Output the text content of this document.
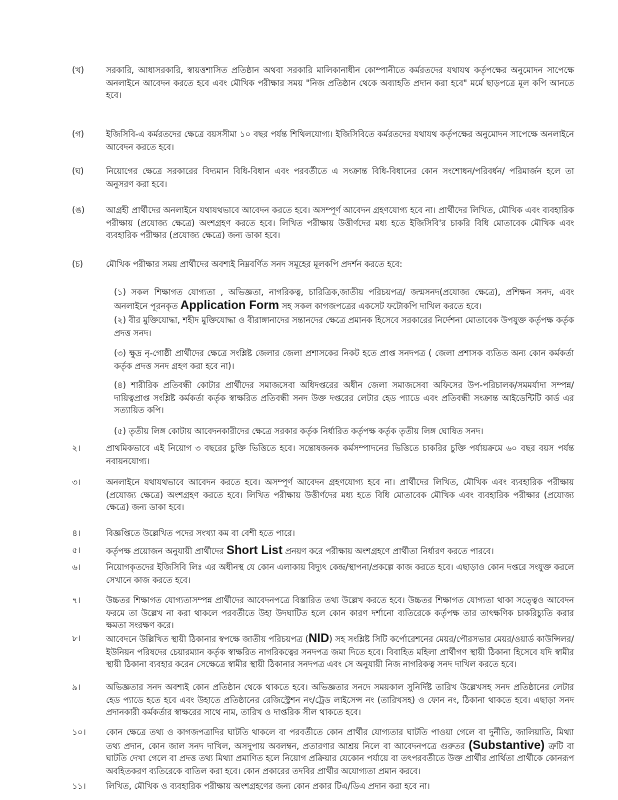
(খ)	সরকারি, আধাসরকারি, স্বায়ত্তশাসিত প্রতিষ্ঠান অথবা সরকারি মালিকানাধীন কোম্পানীতে কর্মরতদের যথাযথ কর্তৃপক্ষের অনুমোদন সাপেক্ষে অনলাইনে আবেদন করতে হবে এবং মৌখিক পরীক্ষার সময় "নিজ প্রতিষ্ঠান থেকে অব্যাহতি প্রদান করা হবে" মর্মে ছাড়পত্রে মূল কপি আনতে হবে।
(গ)	ইজিসিবি-এ কর্মরতদের ক্ষেত্রে বয়সসীমা ১০ বছর পর্যন্ত শিথিলযোগ্য। ইজিসিবিতে কর্মরতদের যথাযথ কর্তৃপক্ষের অনুমোদন সাপেক্ষে অনলাইনে আবেদন করতে হবে।
(ঘ)	নিয়োগের ক্ষেত্রে সরকারের বিদ্যমান বিধি-বিধান এবং পরবর্তীতে এ সংক্রান্ত বিধি-বিধানের কোন সংশোধন/পরিবর্ধন/ পরিমার্জন হলে তা অনুসরণ করা হবে।
(ঙ)	আগ্রহী প্রার্থীদের অনলাইনে যথাযথভাবে আবেদন করতে হবে। অসম্পূর্ণ আবেদন গ্রহণযোগ্য হবে না। প্রার্থীদের লিখিত, মৌখিক এবং ব্যবহারিক পরীক্ষায় (প্রযোজ্য ক্ষেত্রে) অংশগ্রহণ করতে হবে। লিখিত পরীক্ষায় উত্তীর্ণদের মধ্য হতে ইজিসিবি'র চাকরি বিধি মোতাবেক মৌখিক এবং ব্যবহারিক পরীক্ষার (প্রযোজ্য ক্ষেত্রে) জন্য ডাকা হবে।
(চ)	মৌখিক পরীক্ষার সময় প্রার্থীদের অবশ্যই নিম্নবর্ণিত সনদ সমূহের মূলকপি প্রদর্শন করতে হবে:
(১) সকল শিক্ষাগত যোগ্যতা , অভিজ্ঞতা, নাগরিকত্ব, চারিত্রিক,জাতীয় পরিচয়পত্র/ জন্মসনদ(প্রযোজ্য ক্ষেত্রে), প্রশিক্ষন সনদ, এবং অনলাইনে পূরনকৃত Application Form সহ সকল কাগজপত্রের একসেট ফটোকপি দাখিল করতে হবে।
(২) বীর মুক্তিযোদ্ধা, শহীদ মুক্তিযোদ্ধা ও বীরাঙ্গানাদের সন্তানদের ক্ষেত্রে প্রমানক হিসেবে সরকারের নির্দেশনা মোতাবেক উপযুক্ত কর্তৃপক্ষ কর্তৃক প্রদত্ত সনদ।
(৩) ক্ষুদ্র নৃ-গোষ্ঠী প্রার্থীদের ক্ষেত্রে সংশ্লিষ্ট জেলার জেলা প্রশাসকের নিকট হতে প্রাপ্ত সনদপত্র ( জেলা প্রশাসক ব্যতিত অন্য কোন কর্মকর্তা কর্তৃক প্রদত্ত সনদ গ্রহণ করা হবে না)।
(৪) শারীরিক প্রতিবন্ধী কোটার প্রার্থীদের সমাজসেবা অধিদপ্তরের অধীন জেলা সমাজসেবা অফিসের উপ-পরিচালক/সমমর্যাদা সম্পন্ন/দায়িত্বপ্রাপ্ত সংশ্লিষ্ট কর্মকর্তা কর্তৃক স্বাক্ষরিত প্রতিবন্ধী সনদ উক্ত দপ্তরের লেটার হেড প্যাডে এবং প্রতিবন্ধী সংক্রান্ত আইডেন্টিটি কার্ড এর সত্যায়িত কপি।
(৫) তৃতীয় লিঙ্গ কোটায় আবেদনকারীদের ক্ষেত্রে সরকার কর্তৃক নির্ধারিত কর্তৃপক্ষ কর্তৃক তৃতীয় লিঙ্গ ঘোষিত সনদ।
২।	প্রাথমিকভাবে এই নিয়োগ ৩ বছরের চুক্তি ভিত্তিতে হবে। সন্তোষজনক কর্মসম্পাদনের ভিত্তিতে চাকরির চুক্তি পর্যায়ক্রমে ৬০ বছর বয়স পর্যন্ত নবায়নযোগ্য।
৩।	অনলাইনে যথাযথভাবে আবেদন করতে হবে। অসম্পূর্ণ আবেদন গ্রহণযোগ্য হবে না। প্রার্থীদের লিখিত, মৌখিক এবং ব্যবহারিক পরীক্ষায় (প্রযোজ্য ক্ষেত্রে) অংশগ্রহণ করতে হবে। লিখিত পরীক্ষায় উত্তীর্ণদের মধ্য হতে বিধি মোতাবেক মৌখিক এবং ব্যবহারিক পরীক্ষার (প্রযোজ্য ক্ষেত্রে) জন্য ডাকা হবে।
৪।	বিজ্ঞপ্তিতে উল্লেখিত পদের সংখ্যা কম বা বেশী হতে পারে।
৫।	কর্তৃপক্ষ প্রয়োজন অনুযায়ী প্রার্থীদের Short List প্রনয়ণ করে পরীক্ষায় অংশগ্রহণে প্রার্থীতা নির্ধারণ করতে পারবে।
৬।	নিয়োগকৃতদের ইজিসিবি লিঃ এর অধীনস্থ যে কোন এলাকায় বিদ্যুৎ কেন্দ্র/স্থাপনা/প্রকল্পে কাজ করতে হবে। এছাড়াও কোন দপ্তরে সংযুক্ত করলে সেখানে কাজ করতে হবে।
৭।	উচ্চতর শিক্ষাগত যোগ্যতাসম্পন্ন প্রার্থীদের আবেদনপত্রে বিস্তারিত তথ্য উল্লেখ করতে হবে। উচ্চতর শিক্ষাগত যোগ্যতা থাকা সত্ত্বেও আবেদন ফরমে তা উল্লেখ না করা থাকলে পরবর্তীতে উহা উদঘাটিত হলে কোন কারণ দর্শানো ব্যতিরেকে কর্তৃপক্ষ তার তাৎক্ষণিক চাকরিচ্যুতি করার ক্ষমতা সংরক্ষণ করে।
৮।	আবেদনে উল্লিখিত স্থায়ী ঠিকানার স্বপক্ষে জাতীয় পরিচয়পত্র (NID) সহ সংশ্লিষ্ট সিটি কর্পোরেশনের মেয়র/পৌরসভার মেয়র/ওয়ার্ড কাউন্সিলর/ইউনিয়ন পরিষদের চেয়ারম্যান কর্তৃক স্বাক্ষরিত নাগরিকত্বের সনদপত্র জমা দিতে হবে। বিবাহিত মহিলা প্রার্থীগণ স্থায়ী ঠিকানা হিসেবে যদি স্বামীর স্থায়ী ঠিকানা ব্যবহার করেন সেক্ষেত্রে স্বামীর স্থায়ী ঠিকানার সনদপত্র এবং সে অনুযায়ী নিজ নাগরিকত্ব সনদ দাখিল করতে হবে।
৯।	অভিজ্ঞতার সনদ অবশ্যই কোন প্রতিষ্ঠান থেকে থাকতে হবে। অভিজ্ঞতার সনদে সময়কাল সুনির্দিষ্ট তারিখ উল্লেখসহ সনদ প্রতিষ্ঠানের লেটার হেড প্যাডে হতে হবে এবং উহাতে প্রতিষ্ঠানের রেজিস্ট্রেশন নং/ট্রেড লাইসেন্স নং (তারিখসহ) ও ফোন নং, ঠিকানা থাকতে হবে। এছাড়া সনদ প্রদানকারী কর্মকর্তার স্বাক্ষরের সাথে নাম, তারিখ ও দাপ্তরিক সীল থাকতে হবে।
১০।	কোন ক্ষেত্রে তথ্য ও কাগজপত্রাদির ঘাটতি থাকলে বা পরবর্তীতে কোন প্রার্থীর যোগ্যতার ঘাটতি পাওয়া গেলে বা দুর্নীতি, জালিয়াতি, মিথ্যা তথ্য প্রদান, কোন জাল সনদ দাখিল, অসদুপায় অবলম্বন, প্রতারণার আশ্রয় নিলে বা আবেদনপত্রে গুরুতর (Substantive) ত্রুটি বা ঘাটতি দেখা গেলে বা প্রদত্ত তথ্য মিথ্যা প্রমাণিত হলে নিয়োগ প্রক্রিয়ার যেকোন পর্যায়ে বা তৎপরবর্তীতে উক্ত প্রার্থীর প্রার্থিতা প্রার্থীকে কোনরূপ অবহিতকরণ ব্যতিরেকে বাতিল করা হবে। কোন প্রকারের তদবির প্রার্থীর অযোগ্যতা প্রমান করবে।
১১।	লিখিত, মৌখিক ও ব্যবহারিক পরীক্ষায় অংশগ্রহণের জন্য কোন প্রকার টিএ/ডিএ প্রদান করা হবে না।
